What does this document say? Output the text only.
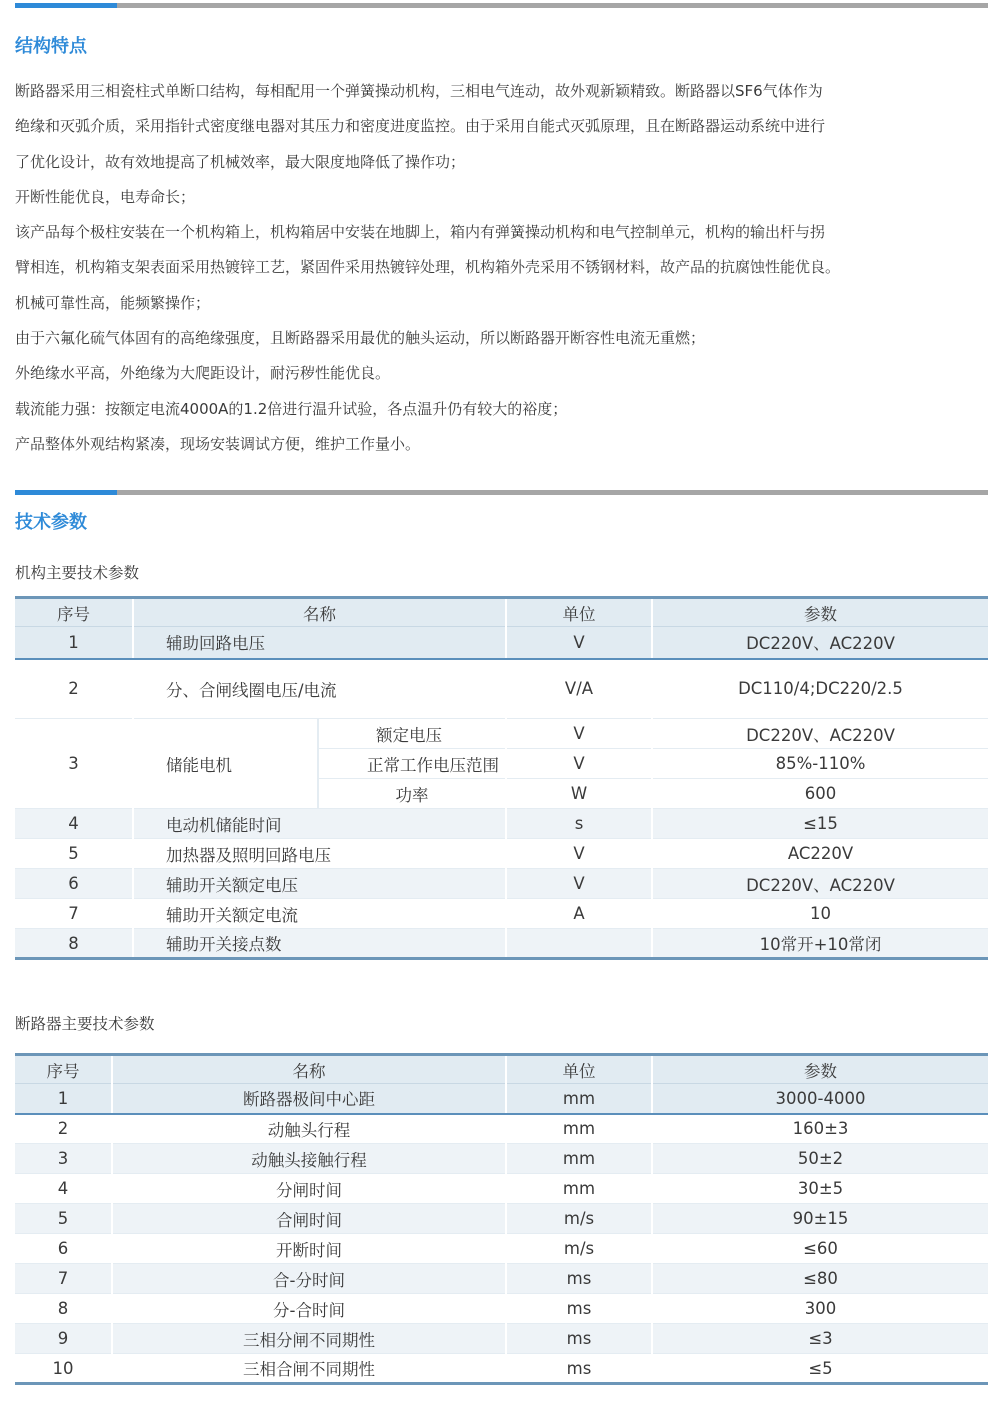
结构特点

断路器采用三相瓷柱式单断口结构，每相配用一个弹簧操动机构，三相电气连动，故外观新颖精致。断路器以SF6气体作为

绝缘和灭弧介质，采用指针式密度继电器对其压力和密度进度监控。由于采用自能式灭弧原理，且在断路器运动系统中进行

了优化设计，故有效地提高了机械效率，最大限度地降低了操作功；

开断性能优良，电寿命长；

该产品每个极柱安装在一个机构箱上，机构箱居中安装在地脚上，箱内有弹簧操动机构和电气控制单元，机构的输出杆与拐

臂相连，机构箱支架表面采用热镀锌工艺，紧固件采用热镀锌处理，机构箱外壳采用不锈钢材料，故产品的抗腐蚀性能优良。

机械可靠性高，能频繁操作；

由于六氟化硫气体固有的高绝缘强度，且断路器采用最优的触头运动，所以断路器开断容性电流无重燃；

外绝缘水平高，外绝缘为大爬距设计，耐污秽性能优良。

载流能力强：按额定电流4000A的1.2倍进行温升试验，各点温升仍有较大的裕度；

产品整体外观结构紧凑，现场安装调试方便，维护工作量小。

技术参数
机构主要技术参数
序号	名称		单位	参数
1	辅助回路电压		V	DC220V、AC220V
2	分、合闸线圈电压/电流		V/A	DC110/4;DC220/2.5
3	储能电机	额定电压	V	DC220V、AC220V
		正常工作电压范围	V	85%-110%
		功率	W	600
4	电动机储能时间		s	≤15
5	加热器及照明回路电压		V	AC220V
6	辅助开关额定电压		V	DC220V、AC220V
7	辅助开关额定电流		A	10
8	辅助开关接点数			10常开+10常闭
断路器主要技术参数
序号	名称	单位	参数
1	断路器极间中心距	mm	3000-4000
2	动触头行程	mm	160±3
3	动触头接触行程	mm	50±2
4	分闸时间	mm	30±5
5	合闸时间	m/s	90±15
6	开断时间	m/s	≤60
7	合-分时间	ms	≤80
8	分-合时间	ms	300
9	三相分闸不同期性	ms	≤3
10	三相合闸不同期性	ms	≤5
